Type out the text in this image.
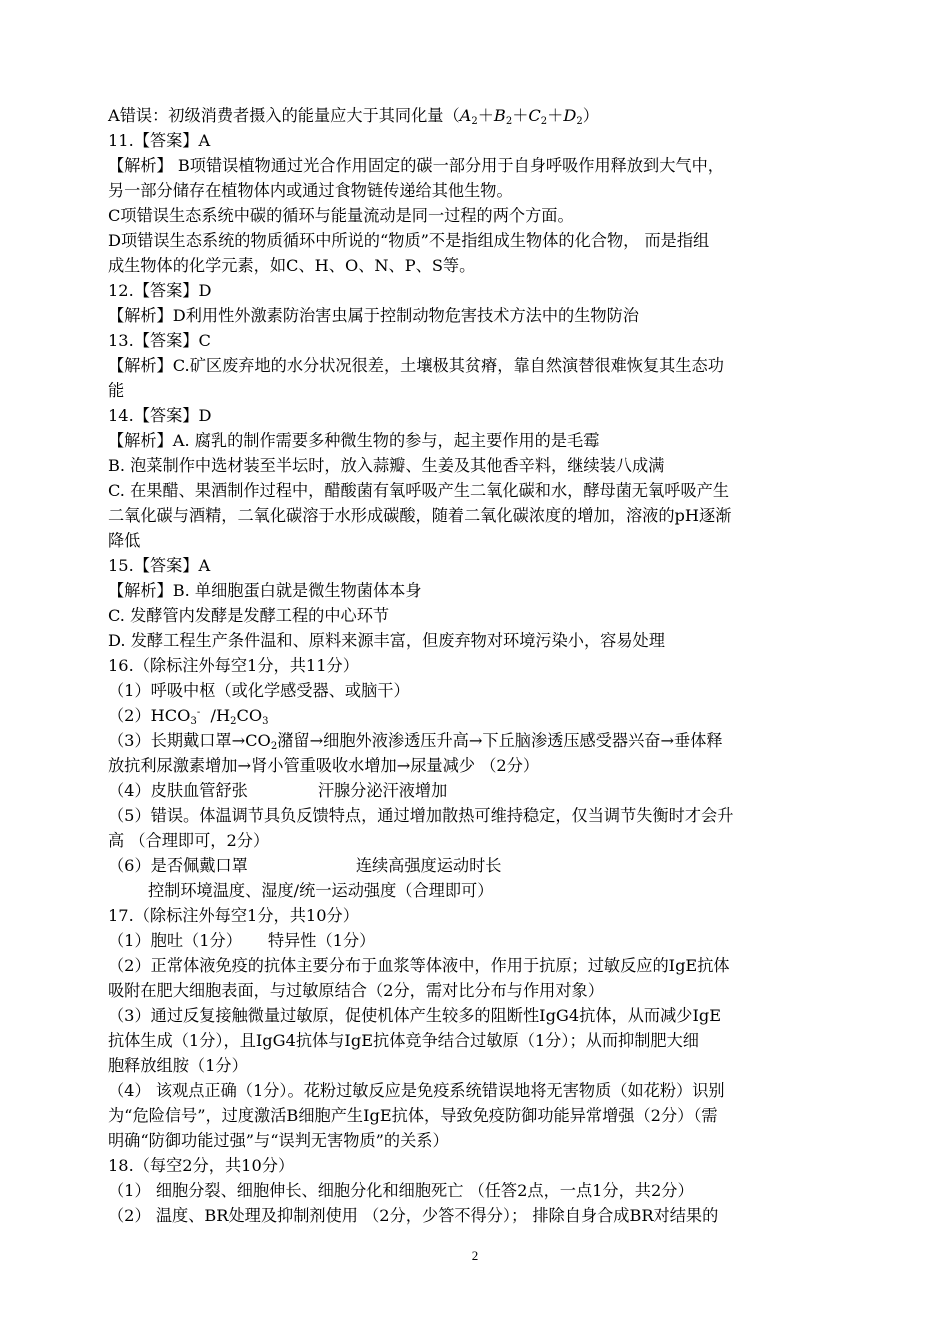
A错误：初级消费者摄入的能量应大于其同化量$(A_2+B_2+C_2+D_2)$
11.【答案】A
【解析】 B项错误植物通过光合作用固定的碳一部分用于自身呼吸作用释放到大气中，
另一部分储存在植物体内或通过食物链传递给其他生物。
C项错误生态系统中碳的循环与能量流动是同一过程的两个方面。
D项错误生态系统的物质循环中所说的“物质”不是指组成生物体的化合物， 而是指组
成生物体的化学元素，如C、H、O、N、P、S等。
12.【答案】D
【解析】D利用性外激素防治害虫属于控制动物危害技术方法中的生物防治
13.【答案】C
【解析】C.矿区废弃地的水分状况很差，土壤极其贫瘠，靠自然演替很难恢复其生态功
能
14.【答案】D
【解析】A. 腐乳的制作需要多种微生物的参与，起主要作用的是毛霉
B. 泡菜制作中选材装至半坛时，放入蒜瓣、生姜及其他香辛料，继续装八成满
C. 在果醋、果酒制作过程中，醋酸菌有氧呼吸产生二氧化碳和水，酵母菌无氧呼吸产生
二氧化碳与酒精，二氧化碳溶于水形成碳酸，随着二氧化碳浓度的增加，溶液的pH逐渐
降低
15.【答案】A
【解析】B. 单细胞蛋白就是微生物菌体本身
C. 发酵管内发酵是发酵工程的中心环节
D. 发酵工程生产条件温和、原料来源丰富，但废弃物对环境污染小，容易处理
16.（除标注外每空1分，共11分）
（1）呼吸中枢（或化学感受器、或脑干）
$(2)HCO_3^-$  $/H_2CO_3$
（3）长期戴口罩$\to CO_2$潴留→细胞外液渗透压升高→下丘脑渗透压感受器兴奋→垂体释
放抗利尿激素增加→肾小管重吸收水增加→尿量减少 （2分）
（4）皮肤血管舒张	汗腺分泌汗液增加
（5）错误。体温调节具负反馈特点，通过增加散热可维持稳定，仅当调节失衡时才会升
高 （合理即可，2分）
（6）是否佩戴口罩	连续高强度运动时长
控制环境温度、湿度/统一运动强度（合理即可）
17.（除标注外每空1分，共10分）
（1）胞吐（1分） 特异性（1分）
（2）正常体液免疫的抗体主要分布于血浆等体液中，作用于抗原；过敏反应的IgE抗体
吸附在肥大细胞表面，与过敏原结合（2分，需对比分布与作用对象）
（3）通过反复接触微量过敏原，促使机体产生较多的阻断性IgG4抗体，从而减少IgE
抗体生成（1分），且IgG4抗体与IgE抗体竞争结合过敏原（1分）；从而抑制肥大细
胞释放组胺（1分）
（4） 该观点正确（1分）。花粉过敏反应是免疫系统错误地将无害物质（如花粉）识别
为“危险信号”，过度激活B细胞产生IgE抗体，导致免疫防御功能异常增强（2分）（需
明确“防御功能过强”与“误判无害物质”的关系）
18.（每空2分，共10分）
（1） 细胞分裂、细胞伸长、细胞分化和细胞死亡 （任答2点，一点1分，共2分）
（2） 温度、BR处理及抑制剂使用 （2分，少答不得分）； 排除自身合成BR对结果的
2
